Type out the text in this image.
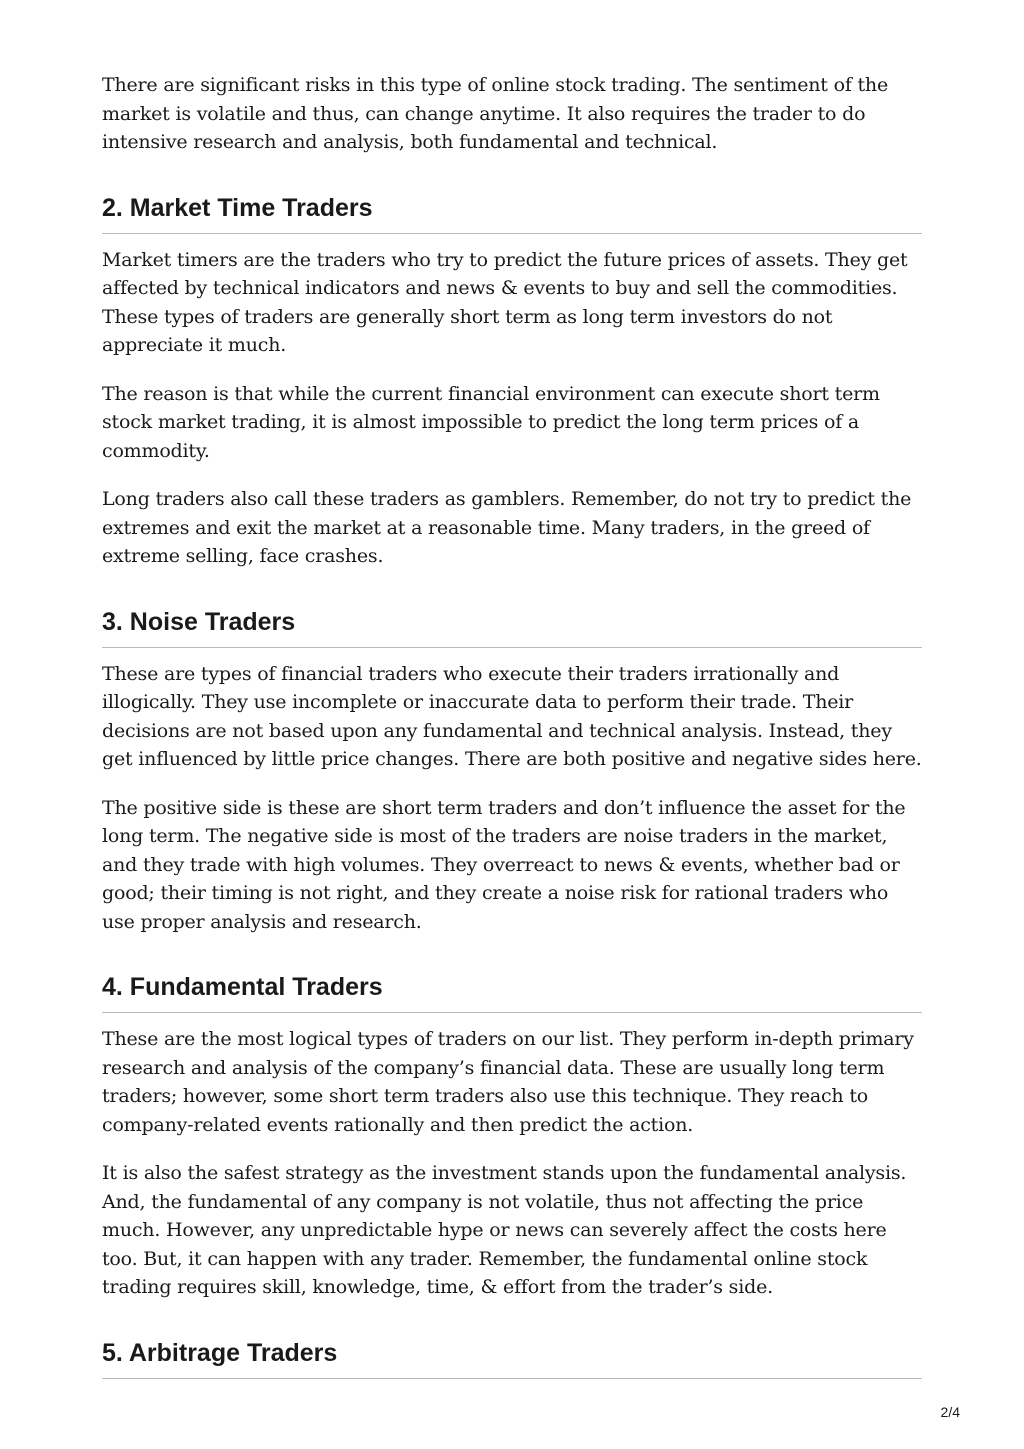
There are significant risks in this type of online stock trading. The sentiment of the market is volatile and thus, can change anytime. It also requires the trader to do intensive research and analysis, both fundamental and technical.

2. Market Time Traders

Market timers are the traders who try to predict the future prices of assets. They get affected by technical indicators and news & events to buy and sell the commodities. These types of traders are generally short term as long term investors do not appreciate it much.

The reason is that while the current financial environment can execute short term stock market trading, it is almost impossible to predict the long term prices of a commodity.

Long traders also call these traders as gamblers. Remember, do not try to predict the extremes and exit the market at a reasonable time. Many traders, in the greed of extreme selling, face crashes.

3. Noise Traders

These are types of financial traders who execute their traders irrationally and illogically. They use incomplete or inaccurate data to perform their trade. Their decisions are not based upon any fundamental and technical analysis. Instead, they get influenced by little price changes. There are both positive and negative sides here.

The positive side is these are short term traders and don’t influence the asset for the long term. The negative side is most of the traders are noise traders in the market, and they trade with high volumes. They overreact to news & events, whether bad or good; their timing is not right, and they create a noise risk for rational traders who use proper analysis and research.

4. Fundamental Traders

These are the most logical types of traders on our list. They perform in-depth primary research and analysis of the company’s financial data. These are usually long term traders; however, some short term traders also use this technique. They reach to company-related events rationally and then predict the action.

It is also the safest strategy as the investment stands upon the fundamental analysis. And, the fundamental of any company is not volatile, thus not affecting the price much. However, any unpredictable hype or news can severely affect the costs here too. But, it can happen with any trader. Remember, the fundamental online stock trading requires skill, knowledge, time, & effort from the trader’s side.

5. Arbitrage Traders
2/4
